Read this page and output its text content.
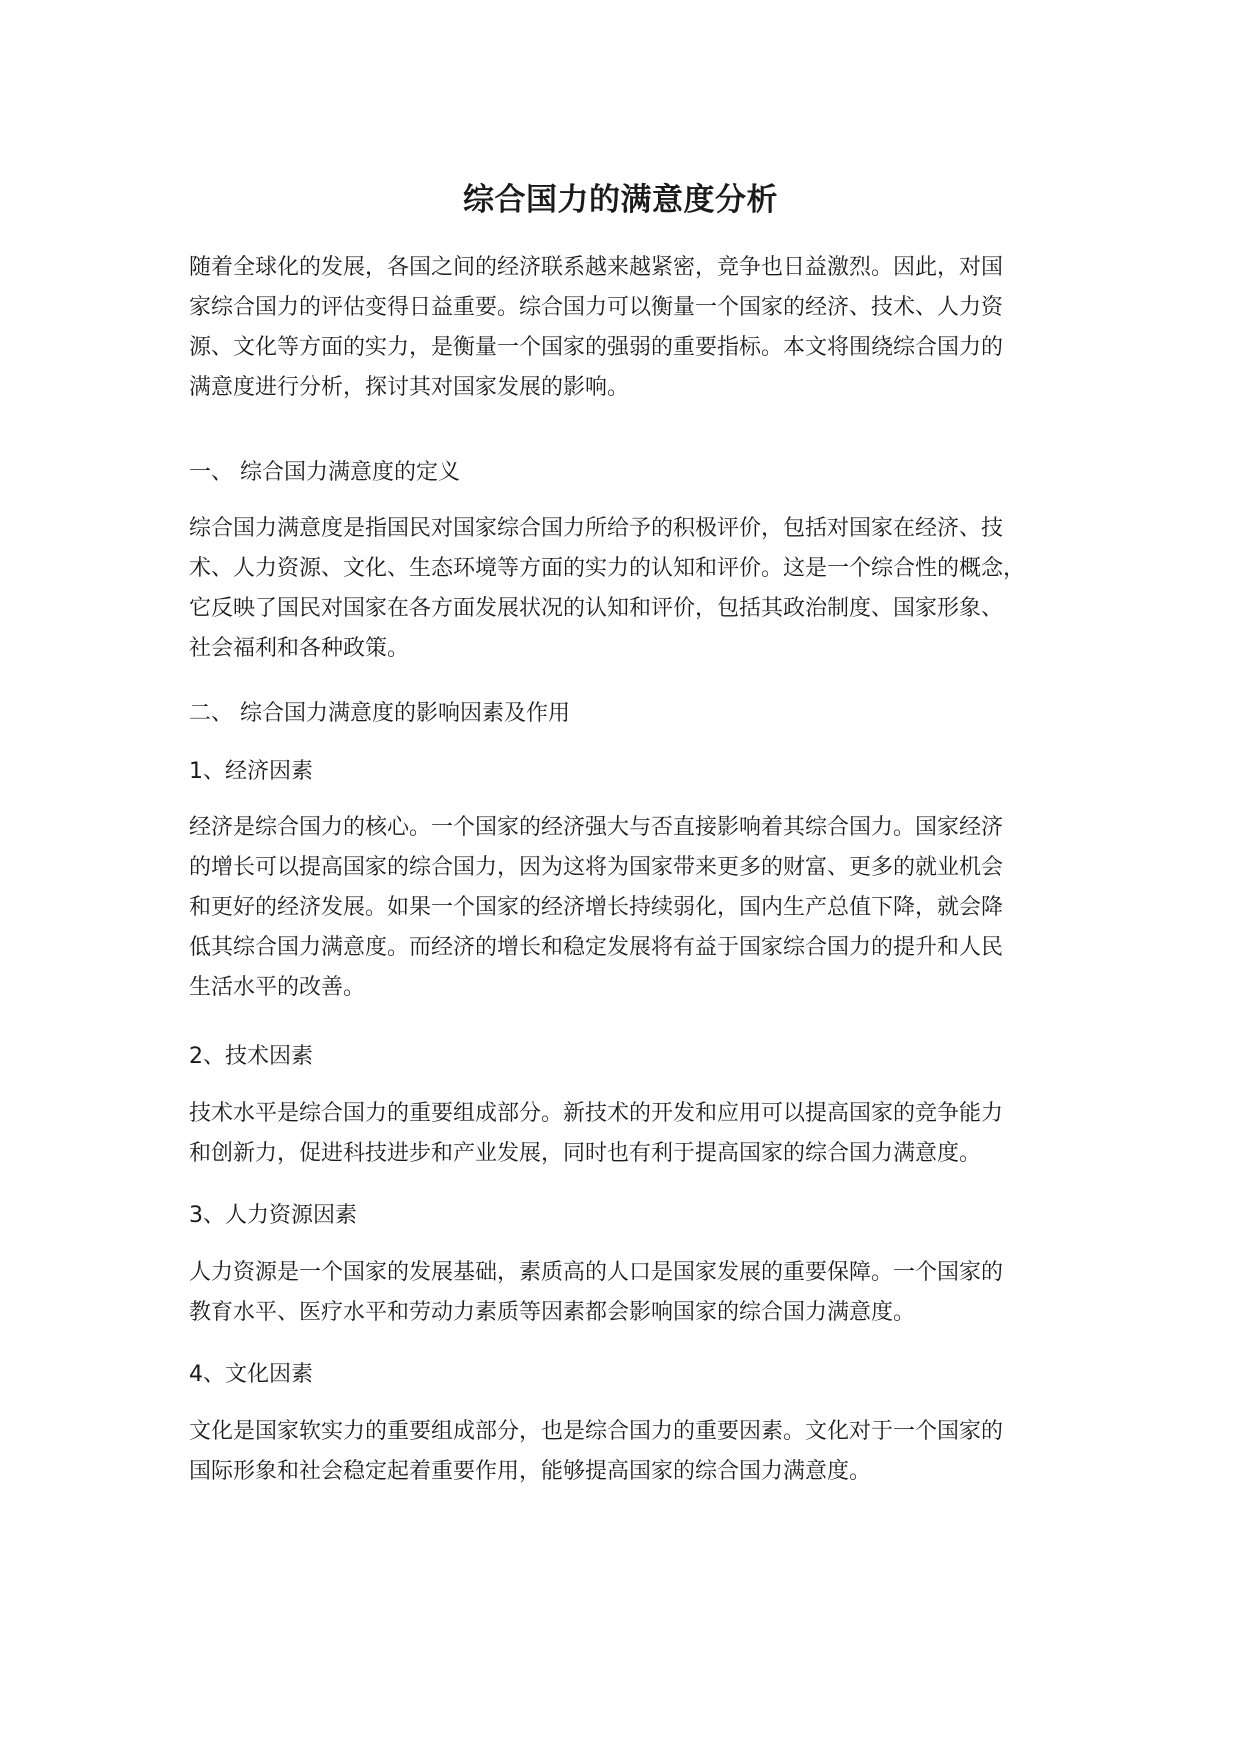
综合国力的满意度分析

随着全球化的发展，各国之间的经济联系越来越紧密，竞争也日益激烈。因此，对国
家综合国力的评估变得日益重要。综合国力可以衡量一个国家的经济、技术、人力资
源、文化等方面的实力，是衡量一个国家的强弱的重要指标。本文将围绕综合国力的
满意度进行分析，探讨其对国家发展的影响。

一、 综合国力满意度的定义

综合国力满意度是指国民对国家综合国力所给予的积极评价，包括对国家在经济、技
术、人力资源、文化、生态环境等方面的实力的认知和评价。这是一个综合性的概念，
它反映了国民对国家在各方面发展状况的认知和评价，包括其政治制度、国家形象、
社会福利和各种政策。

二、 综合国力满意度的影响因素及作用

1、经济因素

经济是综合国力的核心。一个国家的经济强大与否直接影响着其综合国力。国家经济
的增长可以提高国家的综合国力，因为这将为国家带来更多的财富、更多的就业机会
和更好的经济发展。如果一个国家的经济增长持续弱化，国内生产总值下降，就会降
低其综合国力满意度。而经济的增长和稳定发展将有益于国家综合国力的提升和人民
生活水平的改善。

2、技术因素

技术水平是综合国力的重要组成部分。新技术的开发和应用可以提高国家的竞争能力
和创新力，促进科技进步和产业发展，同时也有利于提高国家的综合国力满意度。

3、人力资源因素

人力资源是一个国家的发展基础，素质高的人口是国家发展的重要保障。一个国家的
教育水平、医疗水平和劳动力素质等因素都会影响国家的综合国力满意度。

4、文化因素

文化是国家软实力的重要组成部分，也是综合国力的重要因素。文化对于一个国家的
国际形象和社会稳定起着重要作用，能够提高国家的综合国力满意度。
